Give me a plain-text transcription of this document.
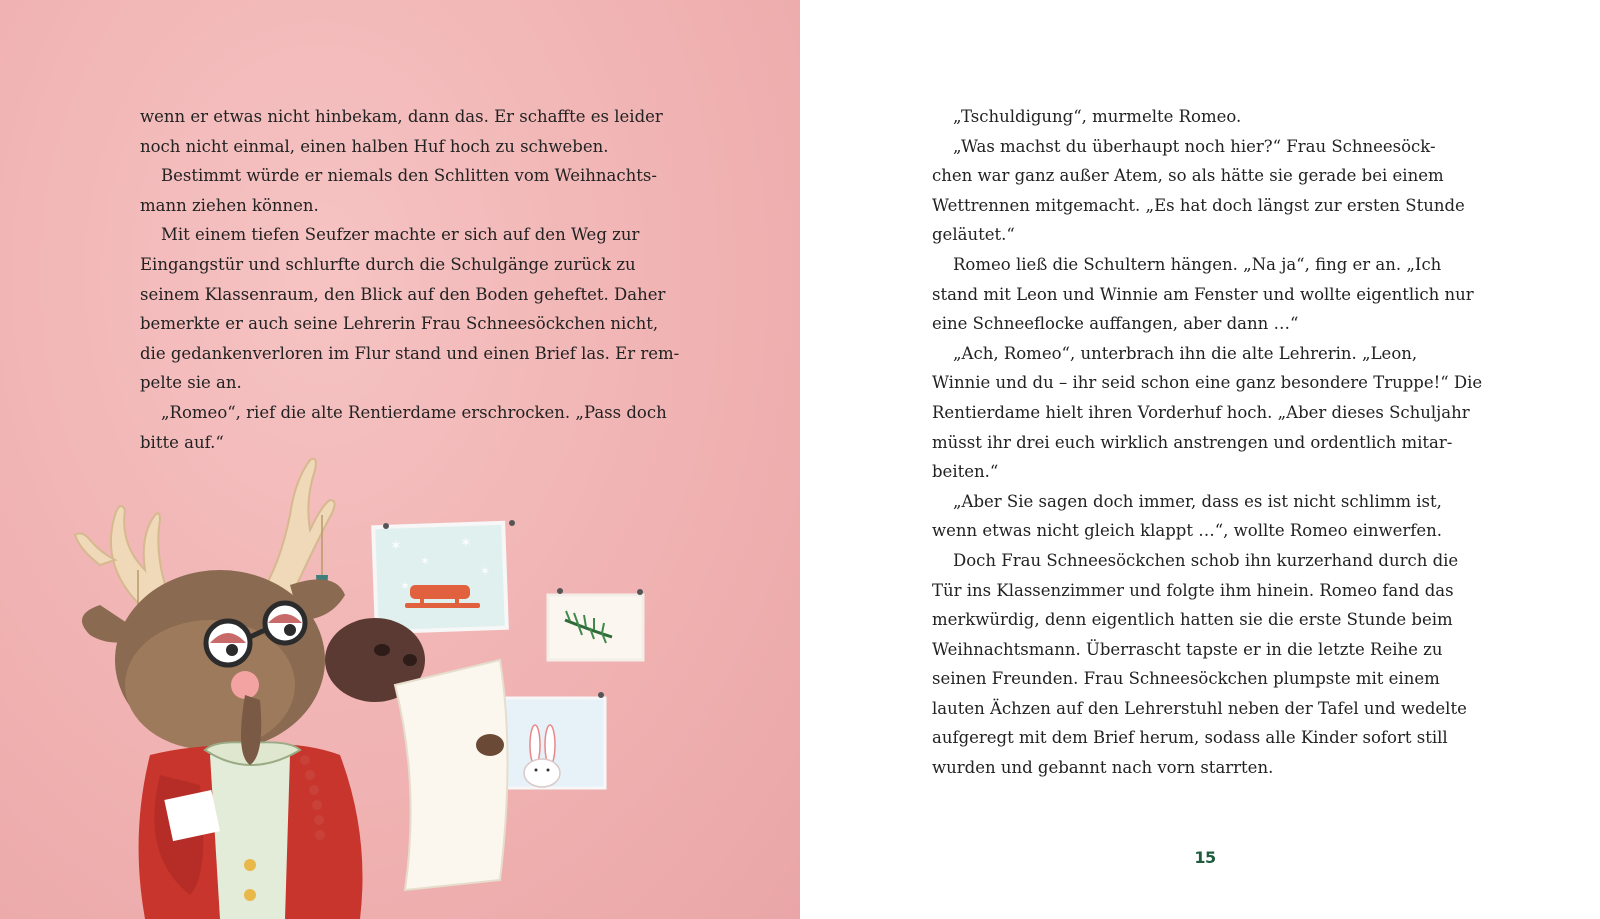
wenn er etwas nicht hinbekam, dann das. Er schaffte es leider
noch nicht einmal, einen halben Huf hoch zu schweben.
Bestimmt würde er niemals den Schlitten vom Weihnachts-
mann ziehen können.
Mit einem tiefen Seufzer machte er sich auf den Weg zur
Eingangstür und schlurfte durch die Schulgänge zurück zu
seinem Klassenraum, den Blick auf den Boden geheftet. Daher
bemerkte er auch seine Lehrerin Frau Schneesöckchen nicht,
die gedankenverloren im Flur stand und einen Brief las. Er rem-
pelte sie an.
„Romeo“, rief die alte Rentierdame erschrocken. „Pass doch
bitte auf.“
✶
✶
✶
✶
✶
„Tschuldigung“, murmelte Romeo.
„Was machst du überhaupt noch hier?“ Frau Schneesöck-
chen war ganz außer Atem, so als hätte sie gerade bei einem
Wettrennen mitgemacht. „Es hat doch längst zur ersten Stunde
geläutet.“
Romeo ließ die Schultern hängen. „Na ja“, fing er an. „Ich
stand mit Leon und Winnie am Fenster und wollte eigentlich nur
eine Schneeflocke auffangen, aber dann …“
„Ach, Romeo“, unterbrach ihn die alte Lehrerin. „Leon,
Winnie und du – ihr seid schon eine ganz besondere Truppe!“ Die
Rentierdame hielt ihren Vorderhuf hoch. „Aber dieses Schuljahr
müsst ihr drei euch wirklich anstrengen und ordentlich mitar-
beiten.“
„Aber Sie sagen doch immer, dass es ist nicht schlimm ist,
wenn etwas nicht gleich klappt …“, wollte Romeo einwerfen.
Doch Frau Schneesöckchen schob ihn kurzerhand durch die
Tür ins Klassenzimmer und folgte ihm hinein. Romeo fand das
merkwürdig, denn eigentlich hatten sie die erste Stunde beim
Weihnachtsmann. Überrascht tapste er in die letzte Reihe zu
seinen Freunden. Frau Schneesöckchen plumpste mit einem
lauten Ächzen auf den Lehrerstuhl neben der Tafel und wedelte
aufgeregt mit dem Brief herum, sodass alle Kinder sofort still
wurden und gebannt nach vorn starrten.
15
